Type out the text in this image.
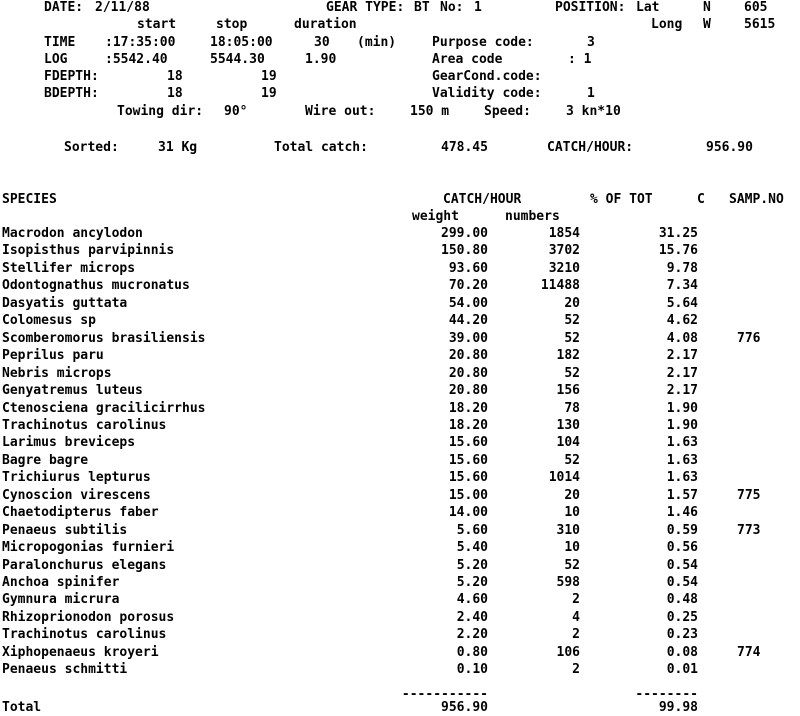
DATE: 2/11/88	GEAR TYPE: BT No: 1	POSITION: Lat	N	605
start	stop	duration	Long W	5615
TIME :17:35:00	18:05:00	30 (min)	Purpose code:	3
LOG	:5542.40	5544.30	1.90	Area code	: 1
FDEPTH:	18	19	GearCond.code:
BDEPTH:	18	19	Validity code:	1
Towing dir: 90°	Wire out:	150 m	Speed:	3 kn*10
Sorted:	31 Kg	Total catch:	478.45	CATCH/HOUR:	956.90
SPECIES	CATCH/HOUR	% OF TOT	C SAMP.NO
weight	numbers
Macrodon ancylodon	299.00	1854	31.25
Isopisthus parvipinnis	150.80	3702	15.76
Stellifer microps	93.60	3210	9.78
Odontognathus mucronatus	70.20	11488	7.34
Dasyatis guttata	54.00	20	5.64
Colomesus sp	44.20	52	4.62
Scomberomorus brasiliensis	39.00	52	4.08	776
Peprilus paru	20.80	182	2.17
Nebris microps	20.80	52	2.17
Genyatremus luteus	20.80	156	2.17
Ctenosciena gracilicirrhus	18.20	78	1.90
Trachinotus carolinus	18.20	130	1.90
Larimus breviceps	15.60	104	1.63
Bagre bagre	15.60	52	1.63
Trichiurus lepturus	15.60	1014	1.63
Cynoscion virescens	15.00	20	1.57	775
Chaetodipterus faber	14.00	10	1.46
Penaeus subtilis	5.60	310	0.59	773
Micropogonias furnieri	5.40	10	0.56
Paralonchurus elegans	5.20	52	0.54
Anchoa spinifer	5.20	598	0.54
Gymnura micrura	4.60	2	0.48
Rhizoprionodon porosus	2.40	4	0.25
Trachinotus carolinus	2.20	2	0.23
Xiphopenaeus kroyeri	0.80	106	0.08	774
Penaeus schmitti	0.10	2	0.01
-----------	--------
Total	956.90	99.98
